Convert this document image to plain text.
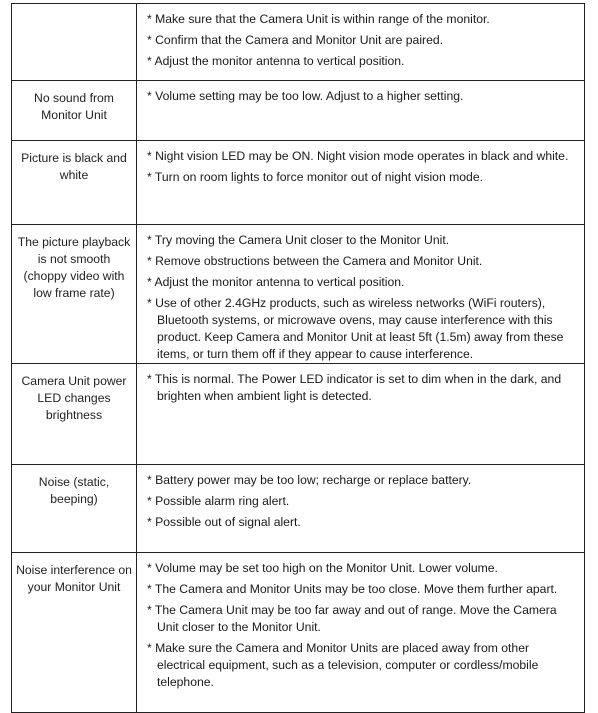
	* Make sure that the Camera Unit is within range of the monitor.
* Confirm that the Camera and Monitor Unit are paired.
* Adjust the monitor antenna to vertical position.

No sound from Monitor Unit	* Volume setting may be too low. Adjust to a higher setting.

Picture is black and white	* Night vision LED may be ON. Night vision mode operates in black and white.
* Turn on room lights to force monitor out of night vision mode.

The picture playback is not smooth (choppy video with low frame rate)	* Try moving the Camera Unit closer to the Monitor Unit.
* Remove obstructions between the Camera and Monitor Unit.
* Adjust the monitor antenna to vertical position.
* Use of other 2.4GHz products, such as wireless networks (WiFi routers), Bluetooth systems, or microwave ovens, may cause interference with this product. Keep Camera and Monitor Unit at least 5ft (1.5m) away from these items, or turn them off if they appear to cause interference.

Camera Unit power LED changes brightness	* This is normal. The Power LED indicator is set to dim when in the dark, and brighten when ambient light is detected.

Noise (static, beeping)	* Battery power may be too low; recharge or replace battery.
* Possible alarm ring alert.
* Possible out of signal alert.

Noise interference on your Monitor Unit	* Volume may be set too high on the Monitor Unit. Lower volume.
* The Camera and Monitor Units may be too close. Move them further apart.
* The Camera Unit may be too far away and out of range. Move the Camera Unit closer to the Monitor Unit.
* Make sure the Camera and Monitor Units are placed away from other electrical equipment, such as a television, computer or cordless/mobile telephone.
